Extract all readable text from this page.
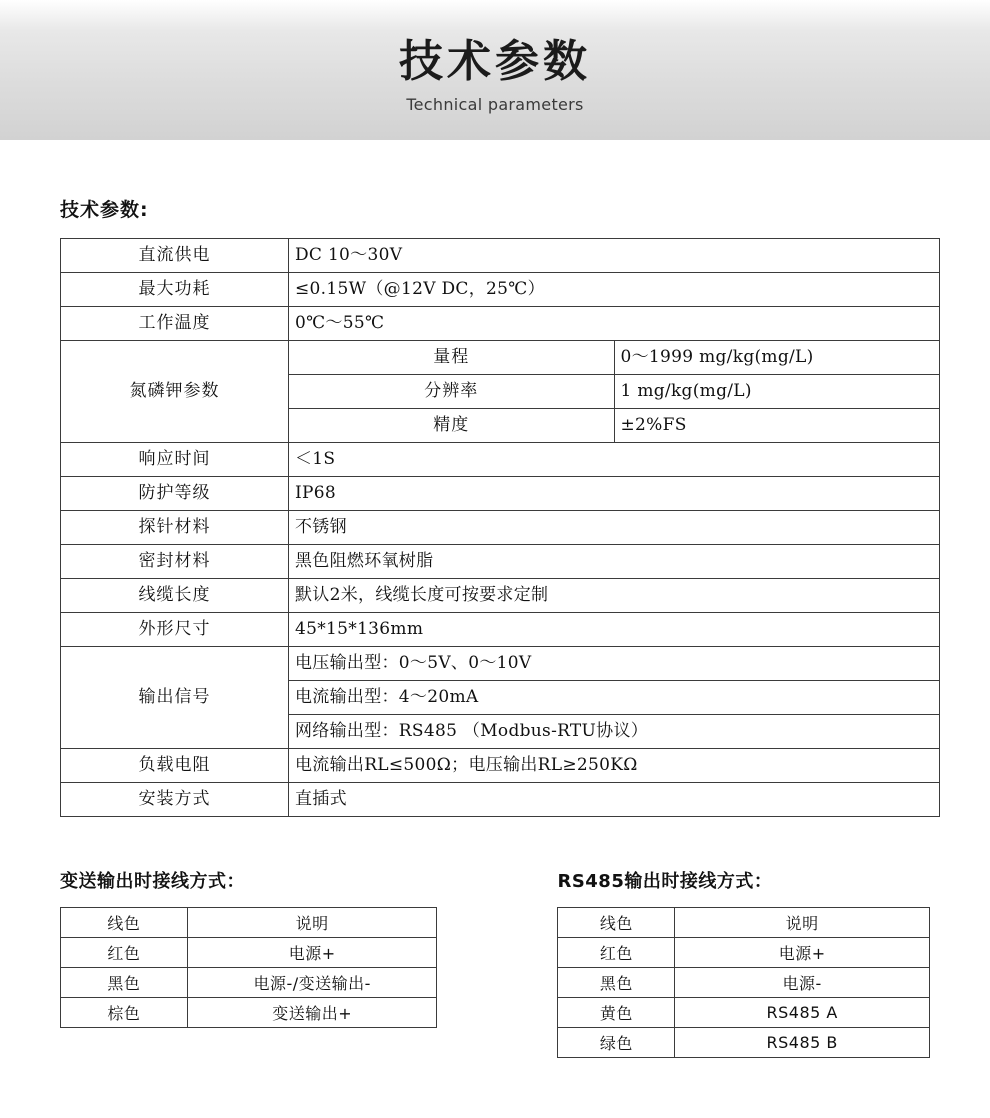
技术参数
Technical parameters
技术参数:
直流供电	DC 10～30V	
最大功耗	≤0.15W（@12V DC，25℃）	
工作温度	0℃～55℃	
氮磷钾参数	量程	0～1999 mg/kg(mg/L)
	分辨率	1 mg/kg(mg/L)
	精度	±2%FS
响应时间	＜1S	
防护等级	IP68	
探针材料	不锈钢	
密封材料	黑色阻燃环氧树脂	
线缆长度	默认2米，线缆长度可按要求定制	
外形尺寸	45*15*136mm	
输出信号	电压输出型：0～5V、0～10V	
	电流输出型：4～20mA	
	网络输出型：RS485 （Modbus-RTU协议）	
负载电阻	电流输出RL≤500Ω；电压输出RL≥250KΩ	
安装方式	直插式	
变送输出时接线方式：
线色	说明
红色	电源+
黑色	电源-/变送输出-
棕色	变送输出+
RS485输出时接线方式：
线色	说明
红色	电源+
黑色	电源-
黄色	RS485 A
绿色	RS485 B
